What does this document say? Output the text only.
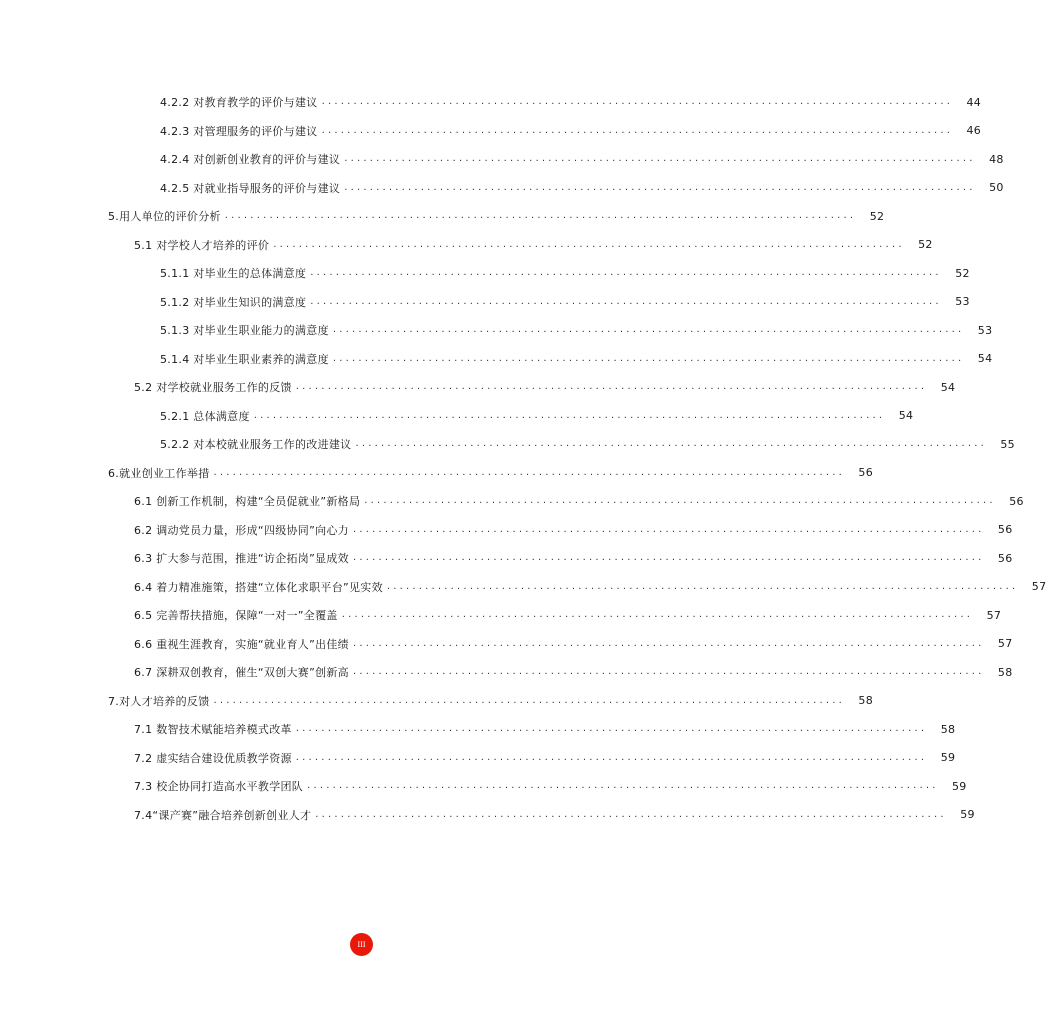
4.2.2 对教育教学的评价与建议 ...................................................................................................	44
4.2.3 对管理服务的评价与建议 ...................................................................................................	46
4.2.4 对创新创业教育的评价与建议 ...................................................................................................	48
4.2.5 对就业指导服务的评价与建议 ...................................................................................................	50
5.用人单位的评价分析 ...................................................................................................	52
5.1 对学校人才培养的评价 ...................................................................................................	52
5.1.1 对毕业生的总体满意度 ...................................................................................................	52
5.1.2 对毕业生知识的满意度 ...................................................................................................	53
5.1.3 对毕业生职业能力的满意度 ...................................................................................................	53
5.1.4 对毕业生职业素养的满意度 ...................................................................................................	54
5.2 对学校就业服务工作的反馈 ...................................................................................................	54
5.2.1 总体满意度 ...................................................................................................	54
5.2.2 对本校就业服务工作的改进建议 ...................................................................................................	55
6.就业创业工作举措 ...................................................................................................	56
6.1 创新工作机制，构建“全员促就业”新格局 ...................................................................................................	56
6.2 调动党员力量，形成“四级协同”向心力 ...................................................................................................	56
6.3 扩大参与范围，推进“访企拓岗”显成效 ...................................................................................................	56
6.4 着力精准施策，搭建“立体化求职平台”见实效 ...................................................................................................	57
6.5 完善帮扶措施，保障“一对一”全覆盖 ...................................................................................................	57
6.6 重视生涯教育，实施“就业育人”出佳绩 ...................................................................................................	57
6.7 深耕双创教育，催生“双创大赛”创新高 ...................................................................................................	58
7.对人才培养的反馈 ...................................................................................................	58
7.1 数智技术赋能培养模式改革 ...................................................................................................	58
7.2 虚实结合建设优质教学资源 ...................................................................................................	59
7.3 校企协同打造高水平教学团队 ...................................................................................................	59
7.4“课产赛”融合培养创新创业人才 ...................................................................................................	59
III
